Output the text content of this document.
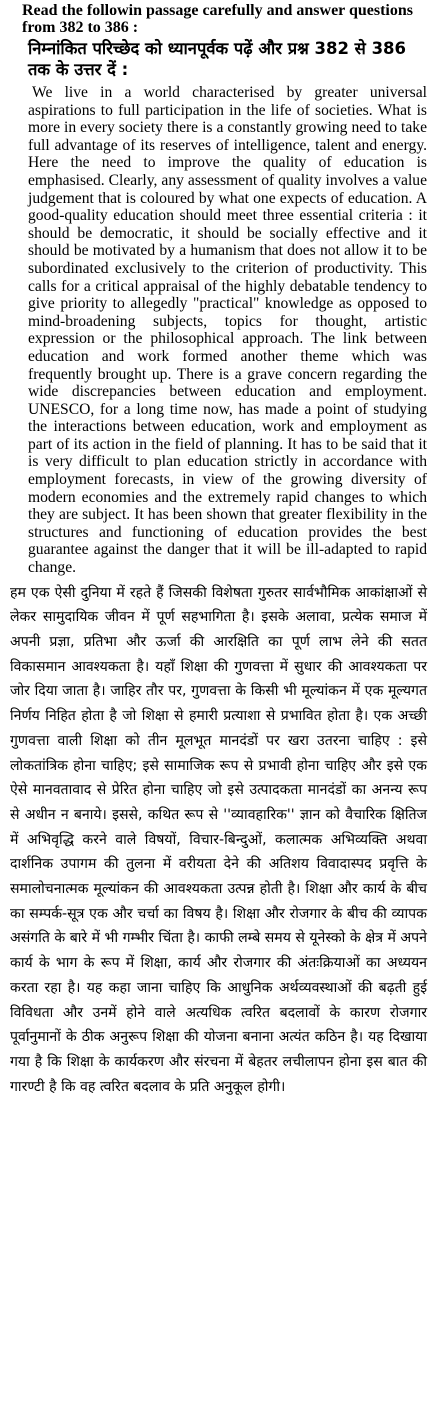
Read the followin passage carefully and answer questions from 382 to 386 :
निम्नांकित परिच्छेद को ध्यानपूर्वक पढ़ें और प्रश्न 382 से 386 तक के उत्तर दें :

We live in a world characterised by greater universal aspirations to full participation in the life of societies. What is more in every society there is a constantly growing need to take full advantage of its reserves of intelligence, talent and energy. Here the need to improve the quality of education is emphasised. Clearly, any assessment of quality involves a value judgement that is coloured by what one expects of education. A good-quality education should meet three essential criteria : it should be democratic, it should be socially effective and it should be motivated by a humanism that does not allow it to be subordinated exclusively to the criterion of productivity. This calls for a critical appraisal of the highly debatable tendency to give priority to allegedly "practical" knowledge as opposed to mind-broadening subjects, topics for thought, artistic expression or the philosophical approach. The link between education and work formed another theme which was frequently brought up. There is a grave concern regarding the wide discrepancies between education and employment. UNESCO, for a long time now, has made a point of studying the interactions between education, work and employment as part of its action in the field of planning. It has to be said that it is very difficult to plan education strictly in accordance with employment forecasts, in view of the growing diversity of modern economies and the extremely rapid changes to which they are subject. It has been shown that greater flexibility in the structures and functioning of education provides the best guarantee against the danger that it will be ill-adapted to rapid change.

हम एक ऐसी दुनिया में रहते हैं जिसकी विशेषता गुरुतर सार्वभौमिक आकांक्षाओं से लेकर सामुदायिक जीवन में पूर्ण सहभागिता है। इसके अलावा, प्रत्येक समाज में अपनी प्रज्ञा, प्रतिभा और ऊर्जा की आरक्षिति का पूर्ण लाभ लेने की सतत विकासमान आवश्यकता है। यहाँ शिक्षा की गुणवत्ता में सुधार की आवश्यकता पर जोर दिया जाता है। जाहिर तौर पर, गुणवत्ता के किसी भी मूल्यांकन में एक मूल्यगत निर्णय निहित होता है जो शिक्षा से हमारी प्रत्याशा से प्रभावित होता है। एक अच्छी गुणवत्ता वाली शिक्षा को तीन मूलभूत मानदंडों पर खरा उतरना चाहिए : इसे लोकतांत्रिक होना चाहिए; इसे सामाजिक रूप से प्रभावी होना चाहिए और इसे एक ऐसे मानवतावाद से प्रेरित होना चाहिए जो इसे उत्पादकता मानदंडों का अनन्य रूप से अधीन न बनाये। इससे, कथित रूप से ''व्यावहारिक'' ज्ञान को वैचारिक क्षितिज में अभिवृद्धि करने वाले विषयों, विचार-बिन्दुओं, कलात्मक अभिव्यक्ति अथवा दार्शनिक उपागम की तुलना में वरीयता देने की अतिशय विवादास्पद प्रवृत्ति के समालोचनात्मक मूल्यांकन की आवश्यकता उत्पन्न होती है। शिक्षा और कार्य के बीच का सम्पर्क-सूत्र एक और चर्चा का विषय है। शिक्षा और रोजगार के बीच की व्यापक असंगति के बारे में भी गम्भीर चिंता है। काफी लम्बे समय से यूनेस्को के क्षेत्र में अपने कार्य के भाग के रूप में शिक्षा, कार्य और रोजगार की अंतःक्रियाओं का अध्ययन करता रहा है। यह कहा जाना चाहिए कि आधुनिक अर्थव्यवस्थाओं की बढ़ती हुई विविधता और उनमें होने वाले अत्यधिक त्वरित बदलावों के कारण रोजगार पूर्वानुमानों के ठीक अनुरूप शिक्षा की योजना बनाना अत्यंत कठिन है। यह दिखाया गया है कि शिक्षा के कार्यकरण और संरचना में बेहतर लचीलापन होना इस बात की गारण्टी है कि वह त्वरित बदलाव के प्रति अनुकूल होगी।
